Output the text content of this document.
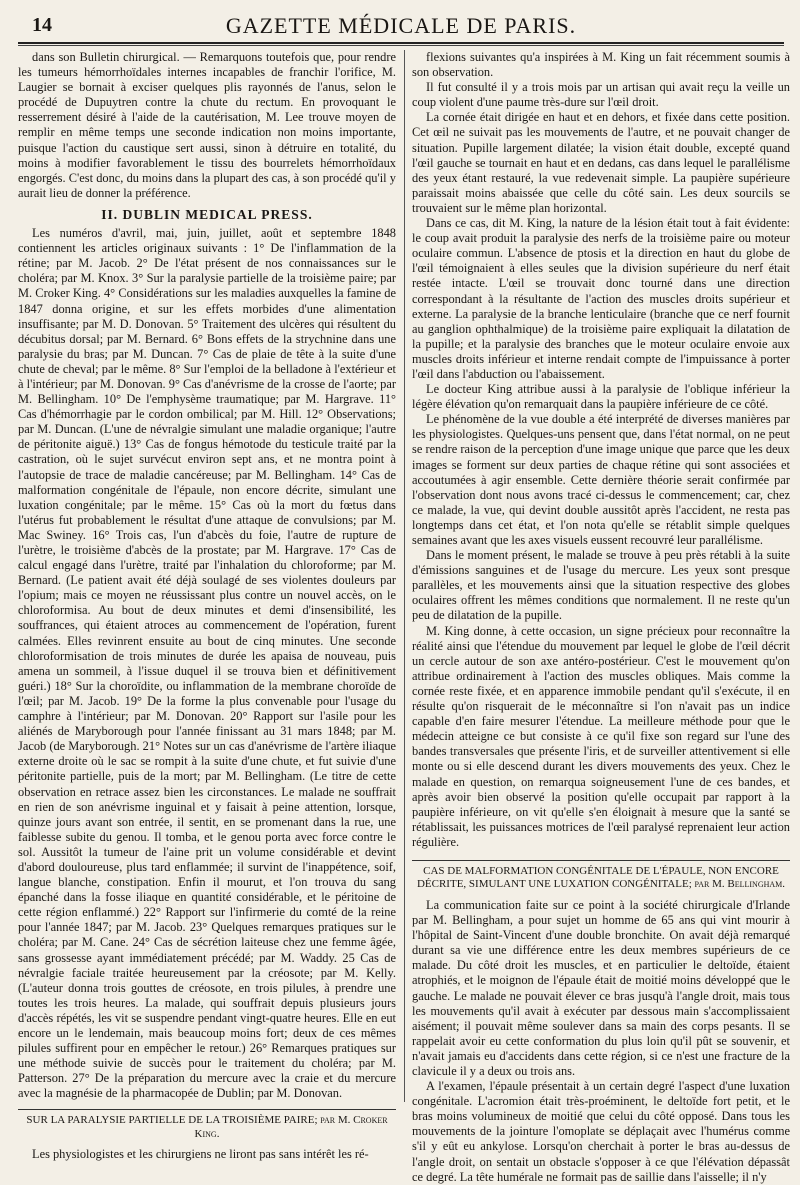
14	GAZETTE MÉDICALE DE PARIS.

dans son Bulletin chirurgical. — Remarquons toutefois que, pour rendre les tumeurs hémorrhoïdales internes incapables de franchir l'orifice, M. Laugier se bornait à exciser quelques plis rayonnés de l'anus, selon le procédé de Dupuytren contre la chute du rectum. En provoquant le resserrement désiré à l'aide de la cautérisation, M. Lee trouve moyen de remplir en même temps une seconde indication non moins importante, puisque l'action du caustique sert aussi, sinon à détruire en totalité, du moins à modifier favorablement le tissu des bourrelets hémorrhoïdaux engorgés. C'est donc, du moins dans la plupart des cas, à son procédé qu'il y aurait lieu de donner la préférence.

II. DUBLIN MEDICAL PRESS.

Les numéros d'avril, mai, juin, juillet, août et septembre 1848 contiennent les articles originaux suivants : 1° De l'inflammation de la rétine; par M. Jacob. 2° De l'état présent de nos connaissances sur le choléra; par M. Knox. 3° Sur la paralysie partielle de la troisième paire; par M. Croker King. 4° Considérations sur les maladies auxquelles la famine de 1847 donna origine, et sur les effets morbides d'une alimentation insuffisante; par M. D. Donovan. 5° Traitement des ulcères qui résultent du décubitus dorsal; par M. Bernard. 6° Bons effets de la strychnine dans une paralysie du bras; par M. Duncan. 7° Cas de plaie de tête à la suite d'une chute de cheval; par le même. 8° Sur l'emploi de la belladone à l'extérieur et à l'intérieur; par M. Donovan. 9° Cas d'anévrisme de la crosse de l'aorte; par M. Bellingham. 10° De l'emphysème traumatique; par M. Hargrave. 11° Cas d'hémorrhagie par le cordon ombilical; par M. Hill. 12° Observations; par M. Duncan. (L'une de névralgie simulant une maladie organique; l'autre de péritonite aiguë.) 13° Cas de fongus hémotode du testicule traité par la castration, où le sujet survécut environ sept ans, et ne montra point à l'autopsie de trace de maladie cancéreuse; par M. Bellingham. 14° Cas de malformation congénitale de l'épaule, non encore décrite, simulant une luxation congénitale; par le même. 15° Cas où la mort du fœtus dans l'utérus fut probablement le résultat d'une attaque de convulsions; par M. Mac Swiney. 16° Trois cas, l'un d'abcès du foie, l'autre de rupture de l'urètre, le troisième d'abcès de la prostate; par M. Hargrave. 17° Cas de calcul engagé dans l'urètre, traité par l'inhalation du chloroforme; par M. Bernard. (Le patient avait été déjà soulagé de ses violentes douleurs par l'opium; mais ce moyen ne réussissant plus contre un nouvel accès, on le chloroformisa. Au bout de deux minutes et demi d'insensibilité, les souffrances, qui étaient atroces au commencement de l'opération, furent calmées. Elles revinrent ensuite au bout de cinq minutes. Une seconde chloroformisation de trois minutes de durée les apaisa de nouveau, puis amena un sommeil, à l'issue duquel il se trouva bien et définitivement guéri.) 18° Sur la choroïdite, ou inflammation de la membrane choroïde de l'œil; par M. Jacob. 19° De la forme la plus convenable pour l'usage du camphre à l'intérieur; par M. Donovan. 20° Rapport sur l'asile pour les aliénés de Maryborough pour l'année finissant au 31 mars 1848; par M. Jacob (de Maryborough. 21° Notes sur un cas d'anévrisme de l'artère iliaque externe droite où le sac se rompit à la suite d'une chute, et fut suivie d'une péritonite partielle, puis de la mort; par M. Bellingham. (Le titre de cette observation en retrace assez bien les circonstances. Le malade ne souffrait en rien de son anévrisme inguinal et y faisait à peine attention, lorsque, quinze jours avant son entrée, il sentit, en se promenant dans la rue, une faiblesse subite du genou. Il tomba, et le genou porta avec force contre le sol. Aussitôt la tumeur de l'aine prit un volume considérable et devint d'abord douloureuse, plus tard enflammée; il survint de l'inappétence, soif, langue blanche, constipation. Enfin il mourut, et l'on trouva du sang épanché dans la fosse iliaque en quantité considérable, et le péritoine de cette région enflammé.) 22° Rapport sur l'infirmerie du comté de la reine pour l'année 1847; par M. Jacob. 23° Quelques remarques pratiques sur le choléra; par M. Cane. 24° Cas de sécrétion laiteuse chez une femme âgée, sans grossesse ayant immédiatement précédé; par M. Waddy. 25 Cas de névralgie faciale traitée heureusement par la créosote; par M. Kelly. (L'auteur donna trois gouttes de créosote, en trois pilules, à prendre une toutes les trois heures. La malade, qui souffrait depuis plusieurs jours d'accès répétés, les vit se suspendre pendant vingt-quatre heures. Elle en eut encore un le lendemain, mais beaucoup moins fort; deux de ces mêmes pilules suffirent pour en empêcher le retour.) 26° Remarques pratiques sur une méthode suivie de succès pour le traitement du choléra; par M. Patterson. 27° De la préparation du mercure avec la craie et du mercure avec la magnésie de la pharmacopée de Dublin; par M. Donovan.

SUR LA PARALYSIE PARTIELLE DE LA TROISIÈME PAIRE; par M. Croker King.

Les physiologistes et les chirurgiens ne liront pas sans intérêt les ré-

flexions suivantes qu'a inspirées à M. King un fait récemment soumis à son observation.

Il fut consulté il y a trois mois par un artisan qui avait reçu la veille un coup violent d'une paume très-dure sur l'œil droit.

La cornée était dirigée en haut et en dehors, et fixée dans cette position. Cet œil ne suivait pas les mouvements de l'autre, et ne pouvait changer de situation. Pupille largement dilatée; la vision était double, excepté quand l'œil gauche se tournait en haut et en dedans, cas dans lequel le parallélisme des yeux étant restauré, la vue redevenait simple. La paupière supérieure paraissait moins abaissée que celle du côté sain. Les deux sourcils se trouvaient sur le même plan horizontal.

Dans ce cas, dit M. King, la nature de la lésion était tout à fait évidente: le coup avait produit la paralysie des nerfs de la troisième paire ou moteur oculaire commun. L'absence de ptosis et la direction en haut du globe de l'œil témoignaient à elles seules que la division supérieure du nerf était restée intacte. L'œil se trouvait donc tourné dans une direction correspondant à la résultante de l'action des muscles droits supérieur et externe. La paralysie de la branche lenticulaire (branche que ce nerf fournit au ganglion ophthalmique) de la troisième paire expliquait la dilatation de la pupille; et la paralysie des branches que le moteur oculaire envoie aux muscles droits inférieur et interne rendait compte de l'impuissance à porter l'œil dans l'abduction ou l'abaissement.

Le docteur King attribue aussi à la paralysie de l'oblique inférieur la légère élévation qu'on remarquait dans la paupière inférieure de ce côté.

Le phénomène de la vue double a été interprété de diverses manières par les physiologistes. Quelques-uns pensent que, dans l'état normal, on ne peut se rendre raison de la perception d'une image unique que parce que les deux images se forment sur deux parties de chaque rétine qui sont associées et accoutumées à agir ensemble. Cette dernière théorie serait confirmée par l'observation dont nous avons tracé ci-dessus le commencement; car, chez ce malade, la vue, qui devint double aussitôt après l'accident, ne resta pas longtemps dans cet état, et l'on nota qu'elle se rétablit simple quelques semaines avant que les axes visuels eussent recouvré leur parallélisme.

Dans le moment présent, le malade se trouve à peu près rétabli à la suite d'émissions sanguines et de l'usage du mercure. Les yeux sont presque parallèles, et les mouvements ainsi que la situation respective des globes oculaires offrent les mêmes conditions que normalement. Il ne reste qu'un peu de dilatation de la pupille.

M. King donne, à cette occasion, un signe précieux pour reconnaître la réalité ainsi que l'étendue du mouvement par lequel le globe de l'œil décrit un cercle autour de son axe antéro-postérieur. C'est le mouvement qu'on attribue ordinairement à l'action des muscles obliques. Mais comme la cornée reste fixée, et en apparence immobile pendant qu'il s'exécute, il en résulte qu'on risquerait de le méconnaître si l'on n'avait pas un indice capable d'en faire mesurer l'étendue. La meilleure méthode pour que le médecin atteigne ce but consiste à ce qu'il fixe son regard sur l'une des bandes transversales que présente l'iris, et de surveiller attentivement si elle monte ou si elle descend durant les divers mouvements des yeux. Chez le malade en question, on remarqua soigneusement l'une de ces bandes, et après avoir bien observé la position qu'elle occupait par rapport à la paupière inférieure, on vit qu'elle s'en éloignait à mesure que la santé se rétablissait, les puissances motrices de l'œil paralysé reprenaient leur action régulière.

CAS DE MALFORMATION CONGÉNITALE DE L'ÉPAULE, NON ENCORE DÉCRITE, SIMULANT UNE LUXATION CONGÉNITALE; par M. Bellingham.

La communication faite sur ce point à la société chirurgicale d'Irlande par M. Bellingham, a pour sujet un homme de 65 ans qui vint mourir à l'hôpital de Saint-Vincent d'une double bronchite. On avait déjà remarqué durant sa vie une différence entre les deux membres supérieurs de ce malade. Du côté droit les muscles, et en particulier le deltoïde, étaient atrophiés, et le moignon de l'épaule était de moitié moins développé que le gauche. Le malade ne pouvait élever ce bras jusqu'à l'angle droit, mais tous les mouvements qu'il avait à exécuter par dessous main s'accomplissaient aisément; il pouvait même soulever dans sa main des corps pesants. Il se rappelait avoir eu cette conformation du plus loin qu'il pût se souvenir, et n'avait jamais eu d'accidents dans cette région, si ce n'est une fracture de la clavicule il y a deux ou trois ans.

A l'examen, l'épaule présentait à un certain degré l'aspect d'une luxation congénitale. L'acromion était très-proéminent, le deltoïde fort petit, et le bras moins volumineux de moitié que celui du côté opposé. Dans tous les mouvements de la jointure l'omoplate se déplaçait avec l'humérus comme s'il y eût eu ankylose. Lorsqu'on cherchait à porter le bras au-dessus de l'angle droit, on sentait un obstacle s'opposer à ce que l'élévation dépassât ce degré. La tête humérale ne formait pas de saillie dans l'aisselle; il n'y
